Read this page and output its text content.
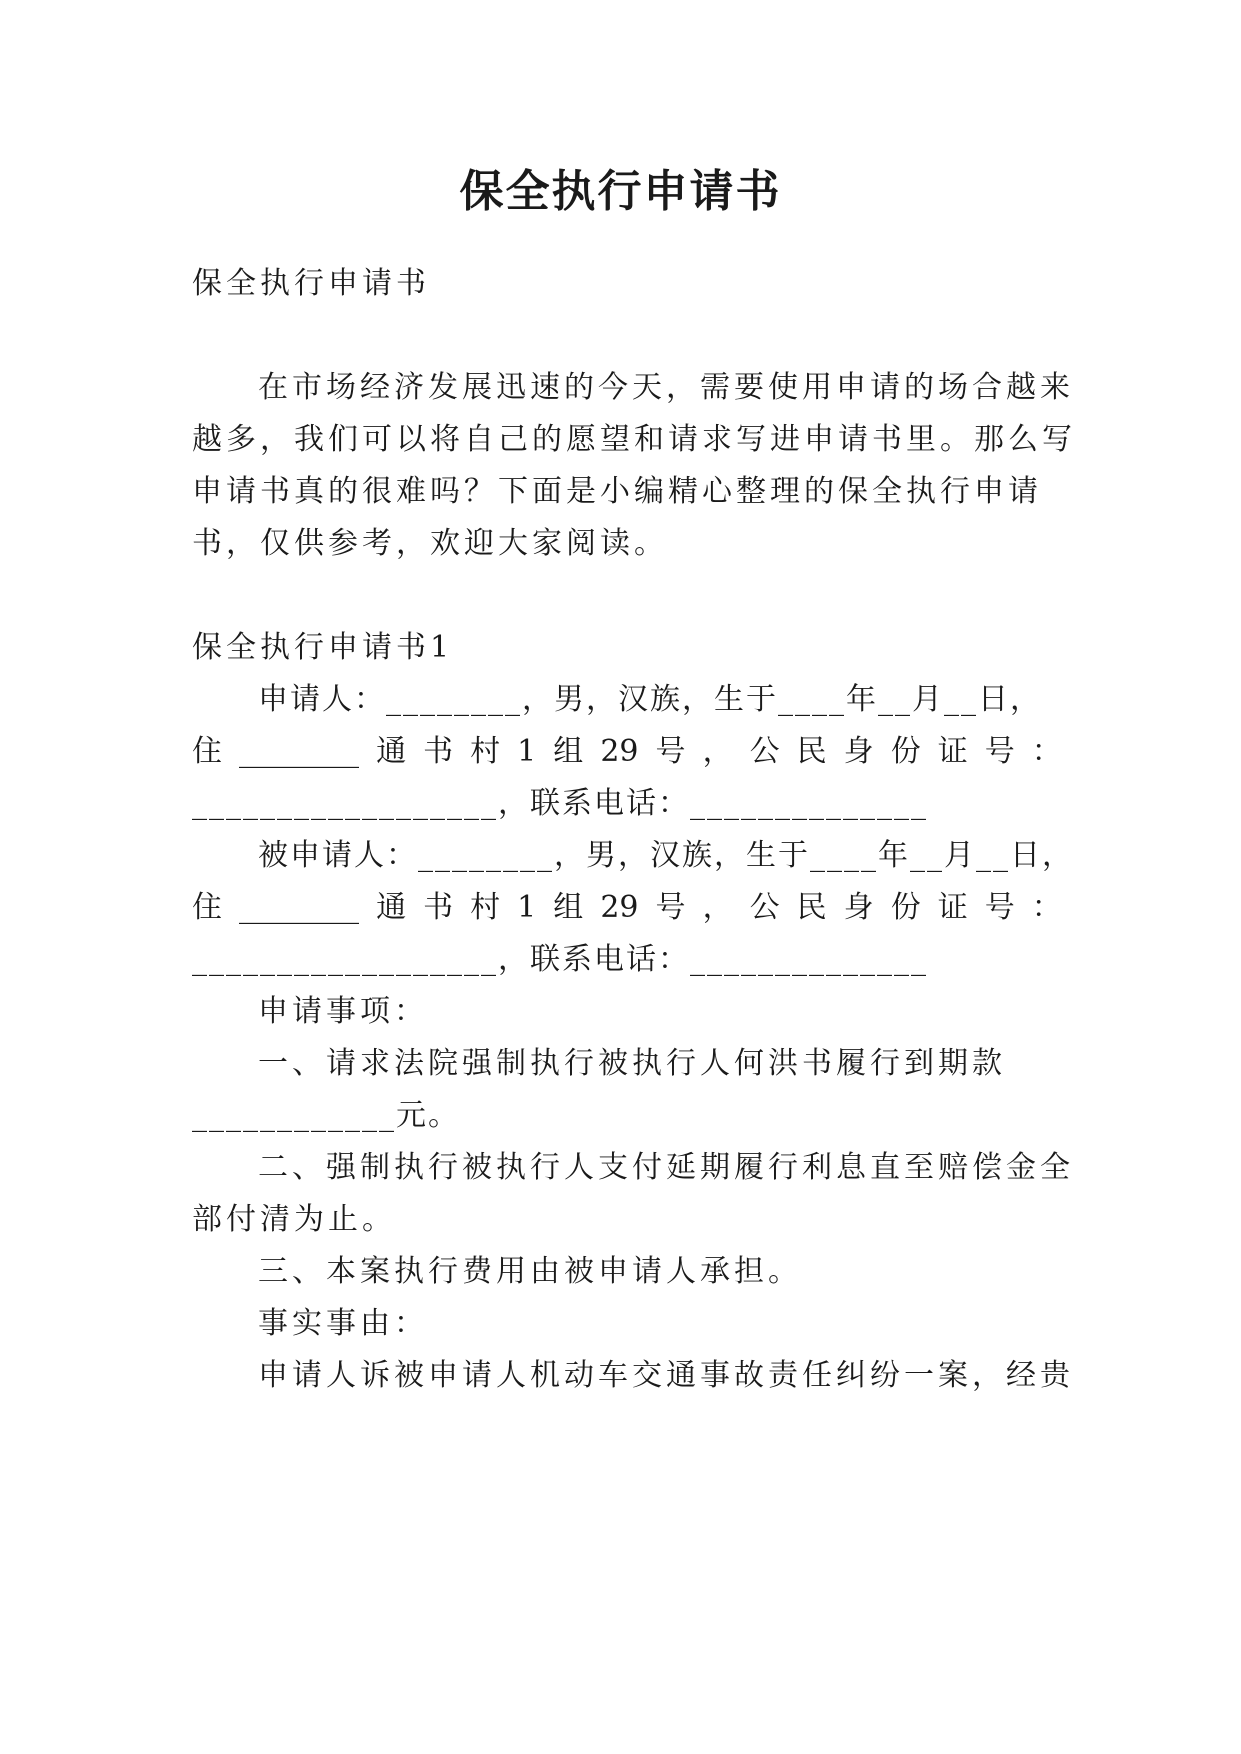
保全执行申请书
保全执行申请书
在市场经济发展迅速的今天，需要使用申请的场合越来
越多，我们可以将自己的愿望和请求写进申请书里。那么写
申请书真的很难吗？下面是小编精心整理的保全执行申请
书，仅供参考，欢迎大家阅读。
保全执行申请书1
申请人：________，男，汉族，生于____年__月__日，
住 ________ 通 书 村 1 组 29 号 ， 公 民 身 份 证 号 ：
__________________，联系电话：______________
被申请人：________，男，汉族，生于____年__月__日，
住 ________ 通 书 村 1 组 29 号 ， 公 民 身 份 证 号 ：
__________________，联系电话：______________
申请事项：
一、请求法院强制执行被执行人何洪书履行到期款
____________元。
二、强制执行被执行人支付延期履行利息直至赔偿金全
部付清为止。
三、本案执行费用由被申请人承担。
事实事由：
申请人诉被申请人机动车交通事故责任纠纷一案，经贵
